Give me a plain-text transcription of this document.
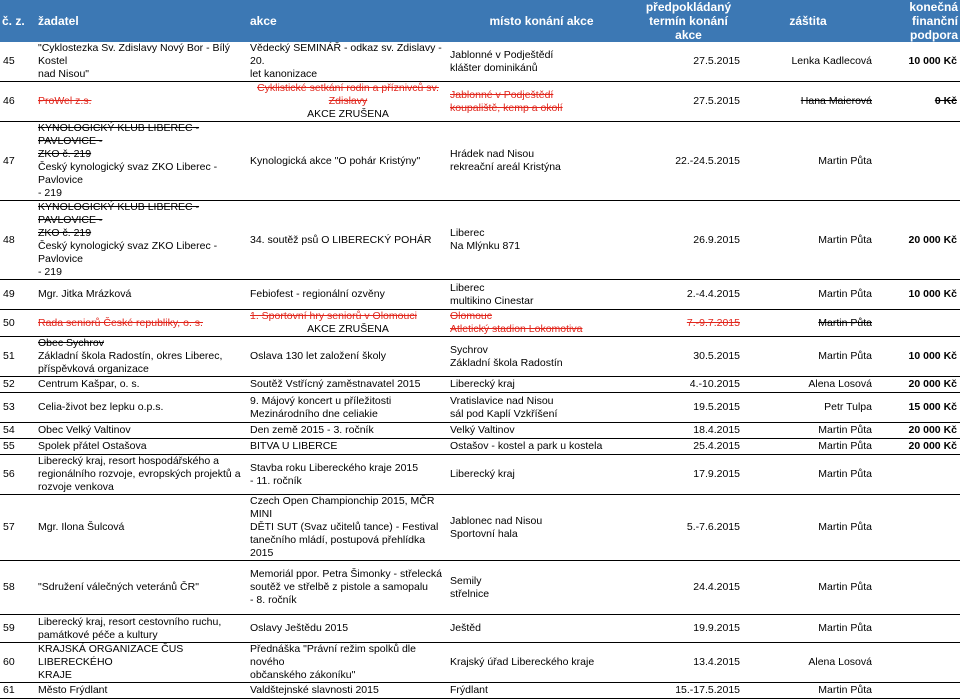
č. z.	žadatel	akce	místo konání akce	předpokládaný
termín konání akce	záštita	konečná
finanční
podpora

45	"Cyklostezka Sv. Zdislavy Nový Bor - Bílý Kostel
nad Nisou"	Vědecký SEMINÁŘ - odkaz sv. Zdislavy - 20.
let kanonizace	Jablonné v Podještědí
klášter dominikánů	27.5.2015	Lenka Kadlecová	10 000 Kč
46	ProWel z.s.	Cyklistické setkání rodin a příznivců sv.
Zdislavy
AKCE ZRUŠENA	Jablonné v Podještědí
koupaliště, kemp a okolí	27.5.2015	Hana Maierová	0 Kč
47	KYNOLOGICKÝ KLUB LIBEREC - PAVLOVICE -
ZKO č. 219
Český kynologický svaz ZKO Liberec - Pavlovice
- 219	Kynologická akce "O pohár Kristýny"	Hrádek nad Nisou
rekreační areál Kristýna	22.-24.5.2015	Martin Půta	
48	KYNOLOGICKÝ KLUB LIBEREC - PAVLOVICE -
ZKO č. 219
Český kynologický svaz ZKO Liberec - Pavlovice
- 219	34. soutěž psů O LIBERECKÝ POHÁR	Liberec
Na Mlýnku 871	26.9.2015	Martin Půta	20 000 Kč
49	Mgr. Jitka Mrázková	Febiofest - regionální ozvěny	Liberec
multikino Cinestar	2.-4.4.2015	Martin Půta	10 000 Kč
50	Rada seniorů České republiky, o. s.	1. Sportovní hry seniorů v Olomouci
AKCE ZRUŠENA	Olomouc
Atletický stadion Lokomotiva	7.-9.7.2015	Martin Půta	
51	Obec Sychrov
Základní škola Radostín, okres Liberec,
příspěvková organizace	Oslava 130 let založení školy	Sychrov
Základní škola Radostín	30.5.2015	Martin Půta	10 000 Kč
52	Centrum Kašpar, o. s.	Soutěž Vstřícný zaměstnavatel 2015	Liberecký kraj	4.-10.2015	Alena Losová	20 000 Kč
53	Celia-život bez lepku o.p.s.	9. Májový koncert u příležitosti
Mezinárodního dne celiakie	Vratislavice nad Nisou
sál pod Kaplí Vzkříšení	19.5.2015	Petr Tulpa	15 000 Kč
54	Obec Velký Valtinov	Den země 2015 - 3. ročník	Velký Valtinov	18.4.2015	Martin Půta	20 000 Kč
55	Spolek přátel Ostašova	BITVA U LIBERCE	Ostašov - kostel a park u kostela	25.4.2015	Martin Půta	20 000 Kč
56	Liberecký kraj, resort hospodářského a
regionálního rozvoje, evropských projektů a
rozvoje venkova	Stavba roku Libereckého kraje 2015
- 11. ročník	Liberecký kraj	17.9.2015	Martin Půta	
57	Mgr. Ilona Šulcová	Czech Open Championchip 2015, MČR MINI
DĚTI SUT (Svaz učitelů tance) - Festival
tanečního mládí, postupová přehlídka 2015	Jablonec nad Nisou
Sportovní hala	5.-7.6.2015	Martin Půta	
58	"Sdružení válečných veteránů ČR"	Memoriál ppor. Petra Šimonky - střelecká
soutěž ve střelbě z pistole a samopalu
- 8. ročník	Semily
střelnice	24.4.2015	Martin Půta	
59	Liberecký kraj, resort cestovního ruchu,
památkové péče a kultury	Oslavy Ještědu 2015	Ještěd	19.9.2015	Martin Půta	
60	KRAJSKÁ ORGANIZACE ČUS LIBERECKÉHO
KRAJE	Přednáška "Právní režim spolků dle nového
občanského zákoníku"	Krajský úřad Libereckého kraje	13.4.2015	Alena Losová	
61	Město Frýdlant	Valdštejnské slavnosti 2015	Frýdlant	15.-17.5.2015	Martin Půta	
